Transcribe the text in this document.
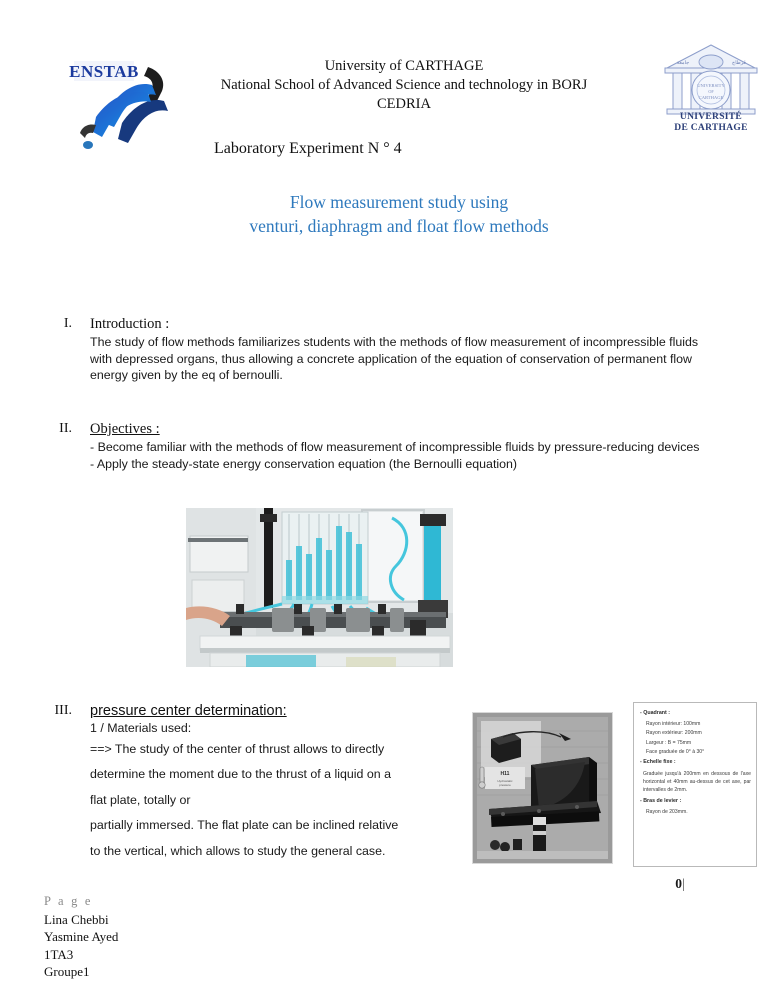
ENSTAB
UNIVERSITY
OF
CARTHAGE
جامعة	قرطاج
UNIVERSITÉ
DE CARTHAGE
University of CARTHAGE
National School of Advanced Science and technology in BORJ
CEDRIA
Laboratory Experiment N ° 4
Flow measurement study using
venturi, diaphragm and float flow methods
I. Introduction :

The study of flow methods familiarizes students with the methods of flow measurement of incompressible fluids with depressed organs, thus allowing a concrete application of the equation of conservation of permanent flow energy given by the eq of bernoulli.

II. Objectives :

- Become familiar with the methods of flow measurement of incompressible fluids by pressure-reducing devices

- Apply the steady-state energy conservation equation (the Bernoulli equation)

III. pressure center determination:

1 / Materials used:

==> The study of the center of thrust allows to directly

determine the moment due to the thrust of a liquid on a

flat plate, totally or

partially immersed. The flat plate can be inclined relative

to the vertical, which allows to study the general case.

H11
Hydrostatic
pressure
- Quadrant :
Rayon intérieur: 100mm
Rayon extérieur: 200mm
Largeur : B = 75mm
Face graduée de 0° à 30°
- Echelle fixe :
Graduée jusqu'à 200mm en dessous de l'axe horizontal et 40mm au-dessus de cet axe, par intervalles de 2mm.
- Bras de levier :
Rayon de 203mm.
0|
P a g e
Lina Chebbi
Yasmine Ayed
1TA3
Groupe1
